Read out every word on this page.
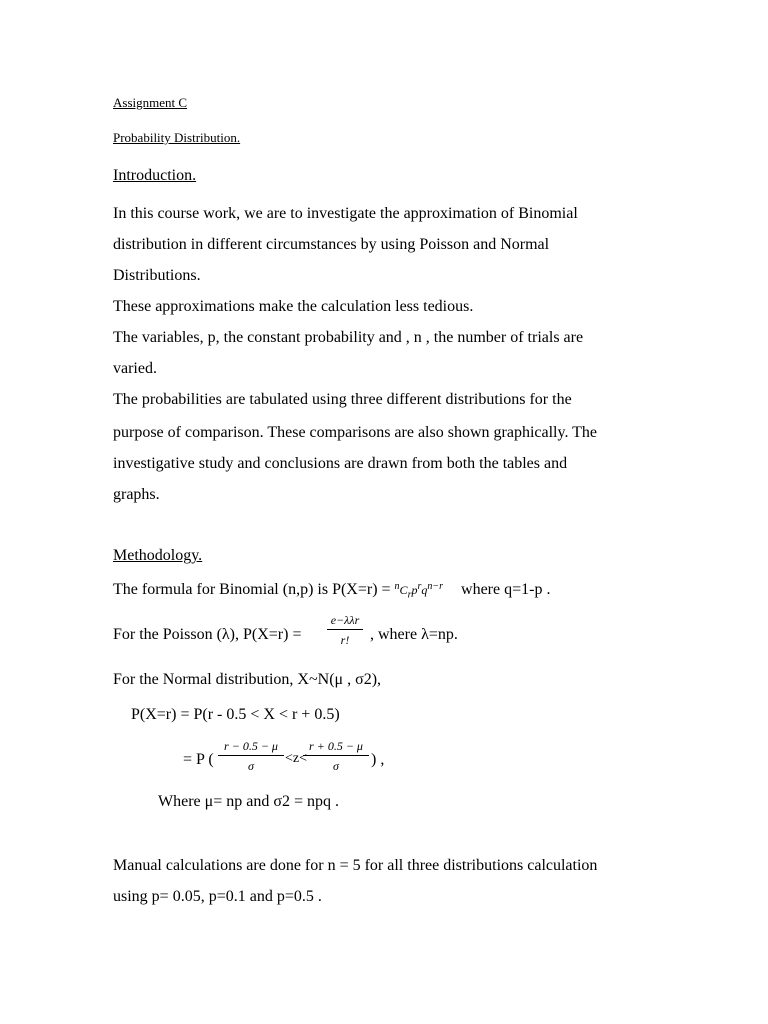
Assignment C
Probability Distribution.
Introduction.
In this course work, we are to investigate the approximation of Binomial
distribution in different circumstances by using Poisson and Normal
Distributions.
These approximations make the calculation less tedious.
The variables, p, the constant probability and , n , the number of trials are
varied.
The probabilities are tabulated using three different distributions for the
purpose of comparison. These comparisons are also shown graphically. The
investigative study and conclusions are drawn from both the tables and
graphs.
Methodology.
The formula for Binomial (n,p) is $P(X=r) = ^nC_rp^rq^{n-r}$ where q=1-p .
For the Poisson (λ), P(X=r) =
e−λλr
r!	, where λ=np.
For the Normal distribution, X~N(μ , σ2),
P(X=r) = P(r - 0.5 < X < r + 0.5)
= P (
r − 0.5 − μ
σ	<z<
r + 0.5 − μ
σ	) ,
Where μ= np and σ2 = npq .
Manual calculations are done for n = 5 for all three distributions calculation
using p= 0.05, p=0.1 and p=0.5 .
